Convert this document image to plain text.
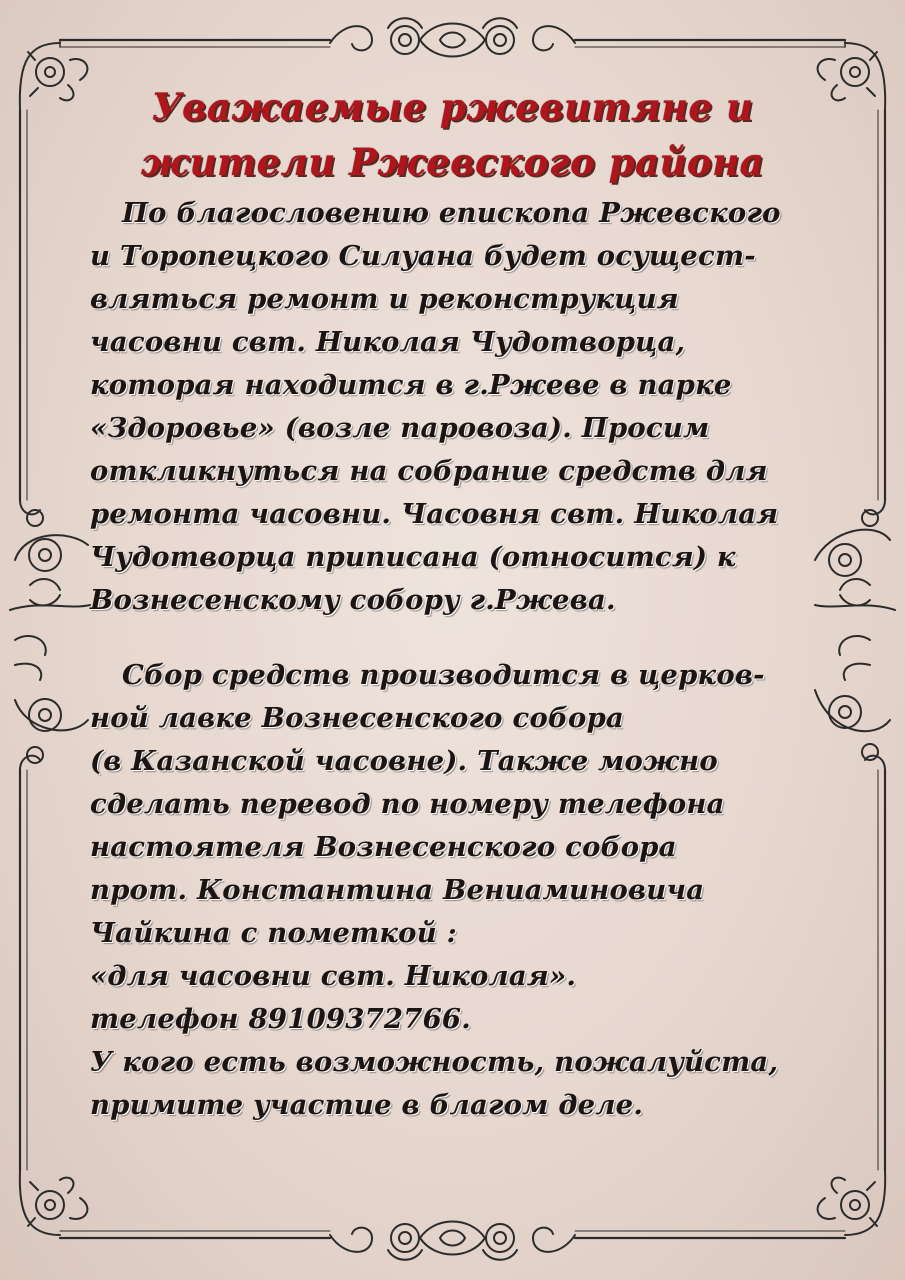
Уважаемые ржевитяне и
жители Ржевского района
По благословению епископа Ржевского
и Торопецкого Силуана будет осущест-
вляться ремонт и реконструкция
часовни свт. Николая Чудотворца,
которая находится в г.Ржеве в парке
«Здоровье» (возле паровоза). Просим
откликнуться на собрание средств для
ремонта часовни. Часовня свт. Николая
Чудотворца приписана (относится) к
Вознесенскому собору г.Ржева.
Сбор средств производится в церков-
ной лавке Вознесенского собора
(в Казанской часовне). Также можно
сделать перевод по номеру телефона
настоятеля Вознесенского собора
прот. Константина Вениаминовича
Чайкина с пометкой :
«для часовни свт. Николая».
телефон 89109372766.
У кого есть возможность, пожалуйста,
примите участие в благом деле.
